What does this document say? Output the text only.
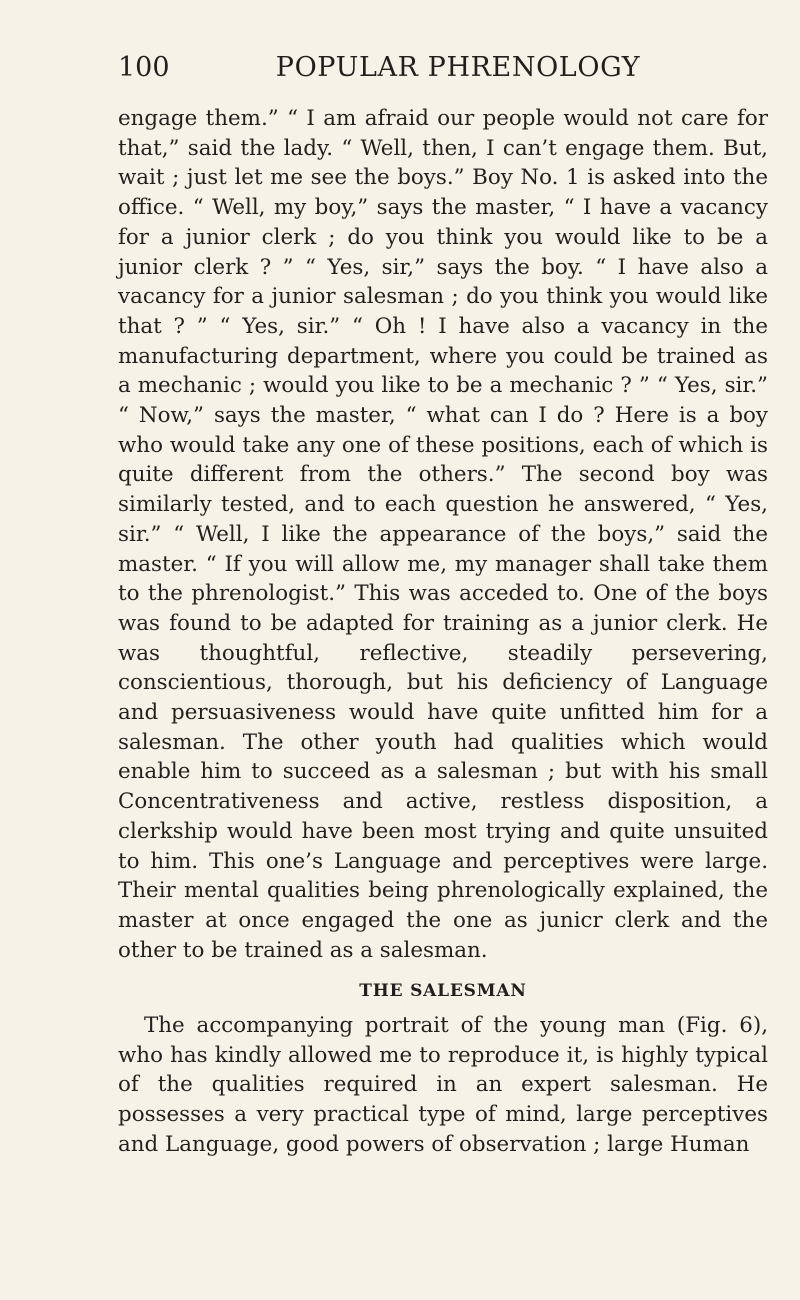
100	POPULAR PHRENOLOGY

engage them.” “ I am afraid our people would not care for that,” said the lady. “ Well, then, I can’t engage them. But, wait ; just let me see the boys.” Boy No. 1 is asked into the office. “ Well, my boy,” says the master, “ I have a vacancy for a junior clerk ; do you think you would like to be a junior clerk ? ” “ Yes, sir,” says the boy. “ I have also a vacancy for a junior salesman ; do you think you would like that ? ” “ Yes, sir.” “ Oh ! I have also a vacancy in the manufacturing department, where you could be trained as a mechanic ; would you like to be a mechanic ? ” “ Yes, sir.” “ Now,” says the master, “ what can I do ? Here is a boy who would take any one of these positions, each of which is quite different from the others.” The second boy was similarly tested, and to each question he answered, “ Yes, sir.” “ Well, I like the appearance of the boys,” said the master. “ If you will allow me, my manager shall take them to the phrenologist.” This was acceded to. One of the boys was found to be adapted for training as a junior clerk. He was thoughtful, reflective, steadily persevering, conscientious, thorough, but his deficiency of Language and persuasiveness would have quite unfitted him for a salesman. The other youth had qualities which would enable him to succeed as a salesman ; but with his small Concentrativeness and active, restless disposition, a clerkship would have been most trying and quite unsuited to him. This one’s Language and perceptives were large. Their mental qualities being phrenologically explained, the master at once engaged the one as junicr clerk and the other to be trained as a salesman.

THE SALESMAN

The accompanying portrait of the young man (Fig. 6), who has kindly allowed me to reproduce it, is highly typical of the qualities required in an expert salesman. He possesses a very practical type of mind, large perceptives and Language, good powers of observation ; large Human
